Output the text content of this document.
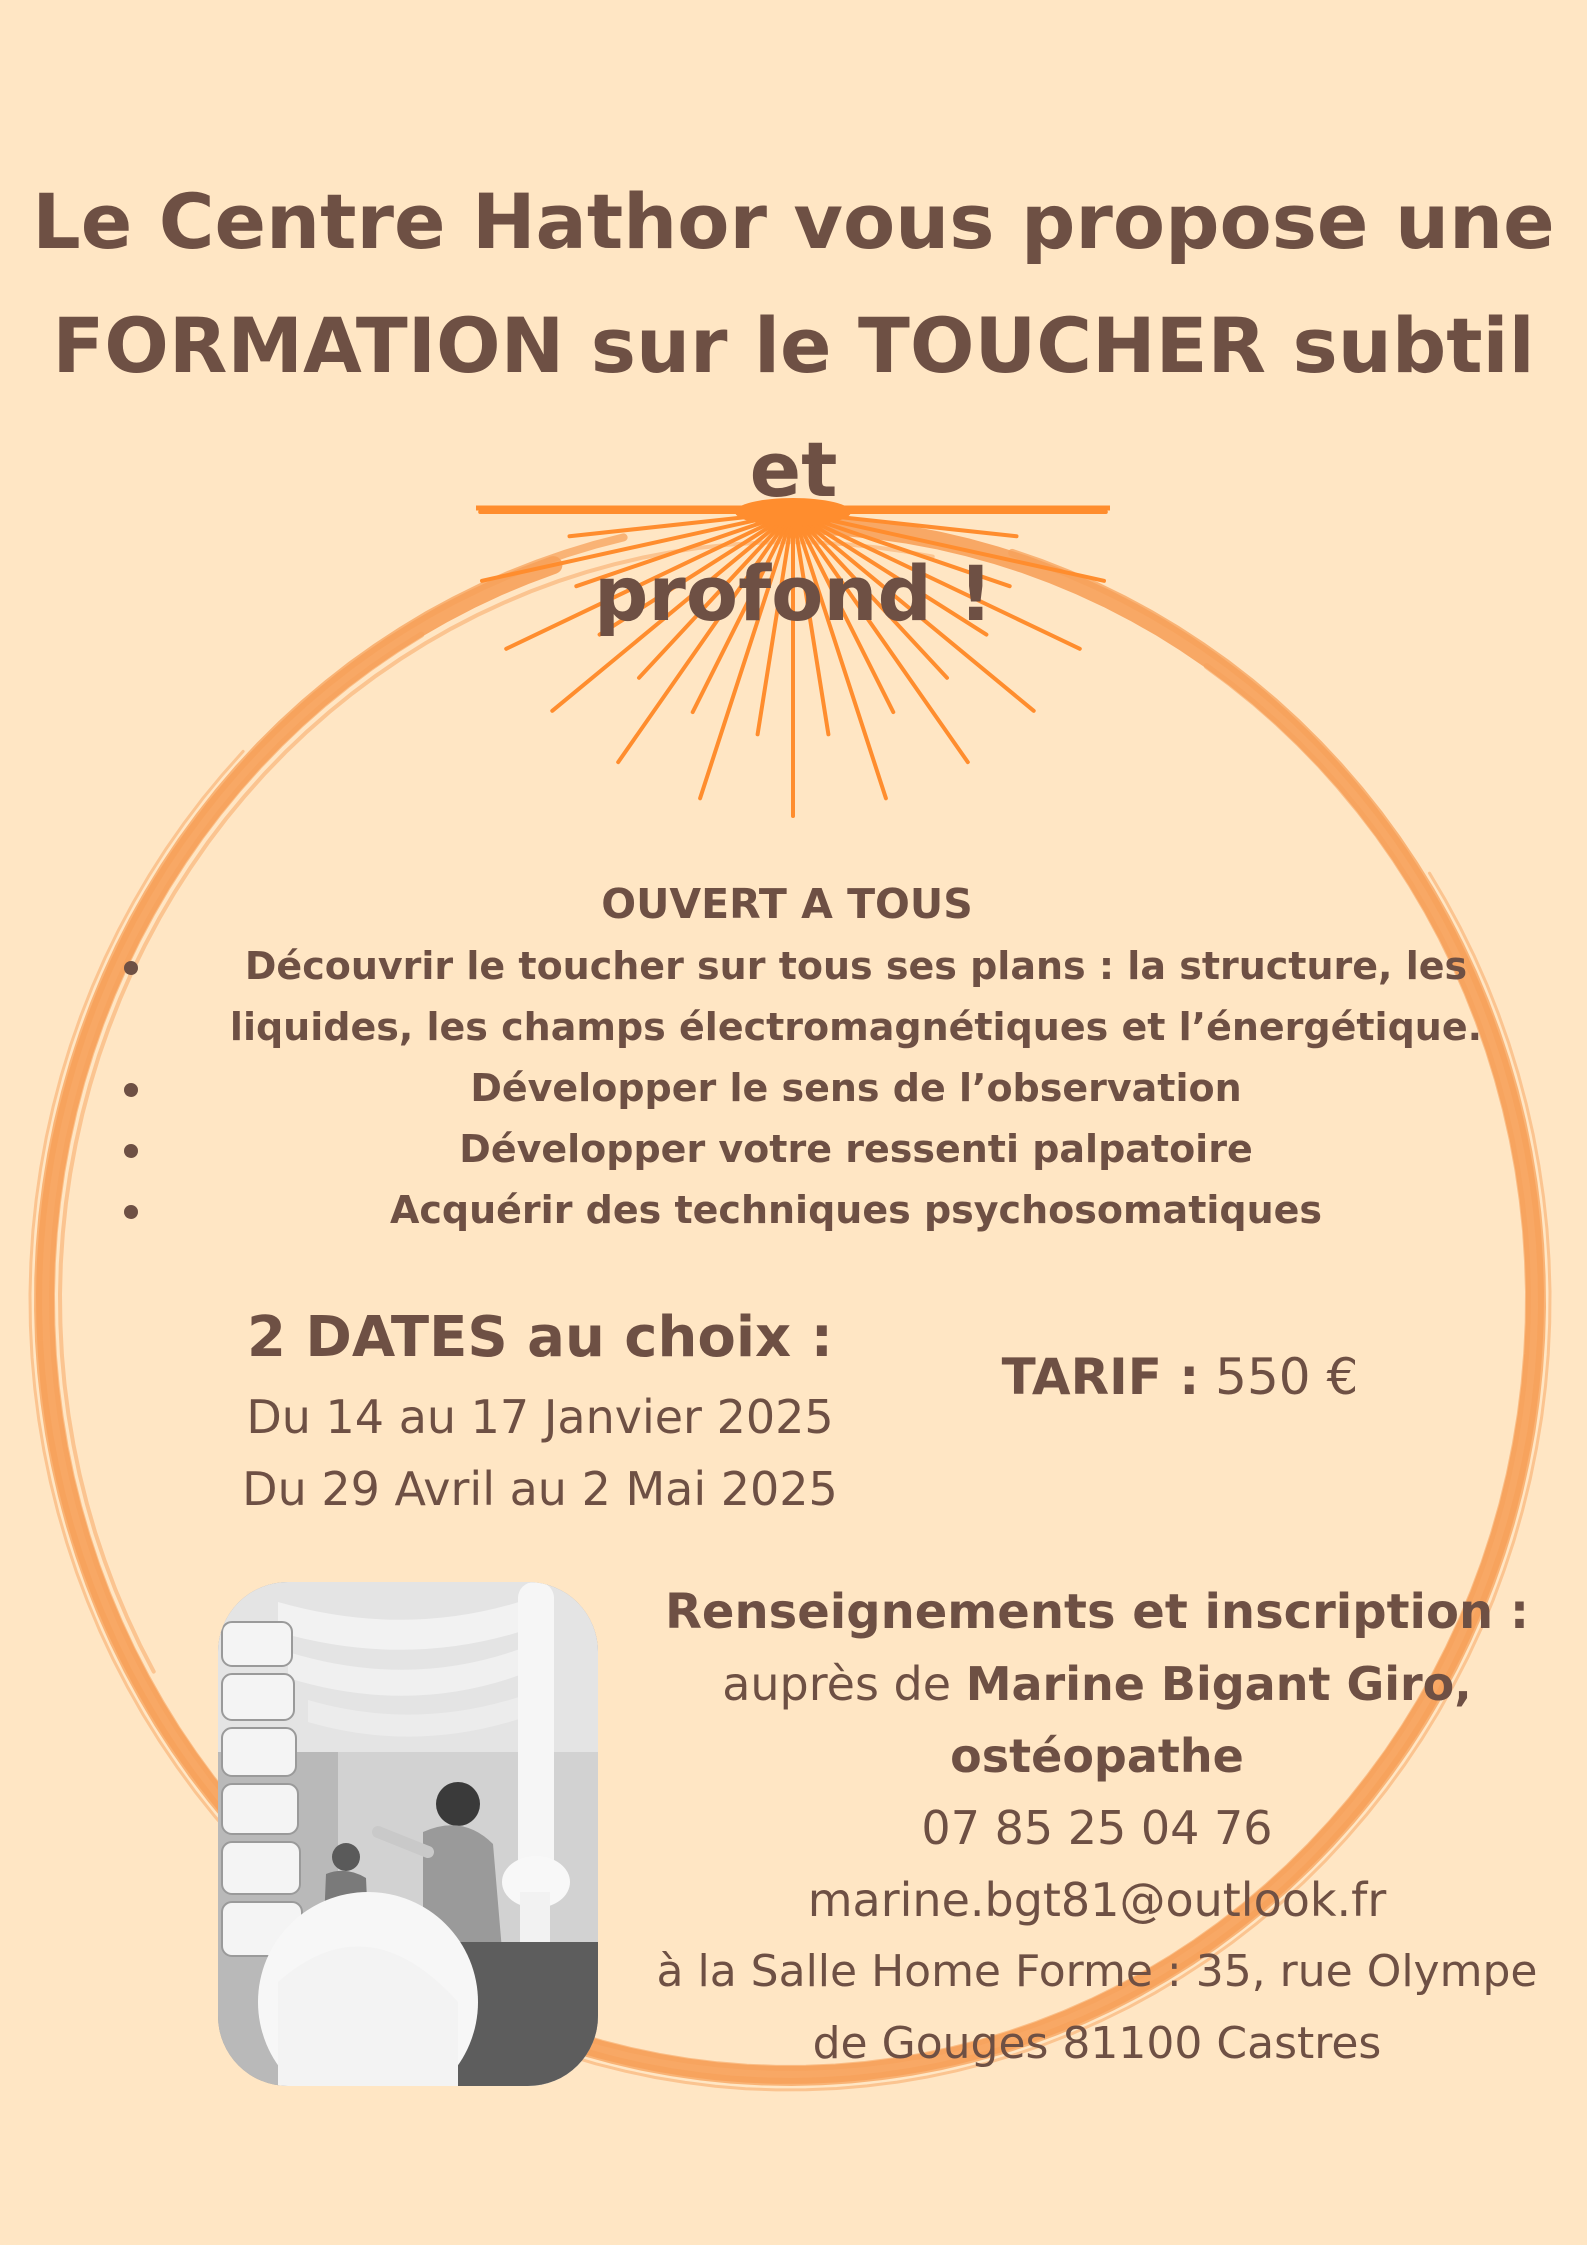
Le Centre Hathor vous propose une
FORMATION sur le TOUCHER subtil et
profond !
OUVERT A TOUS
Découvrir le toucher sur tous ses plans : la structure, les liquides, les champs électromagnétiques et l’énergétique.
Développer le sens de l’observation
Développer votre ressenti palpatoire
Acquérir des techniques psychosomatiques
2 DATES au choix :
Du 14 au 17 Janvier 2025
Du 29 Avril au 2 Mai 2025
TARIF : 550 €
Renseignements et inscription :
auprès de Marine Bigant Giro,
ostéopathe
07 85 25 04 76
marine.bgt81@outlook.fr
à la Salle Home Forme : 35, rue Olympe
de Gouges 81100 Castres
